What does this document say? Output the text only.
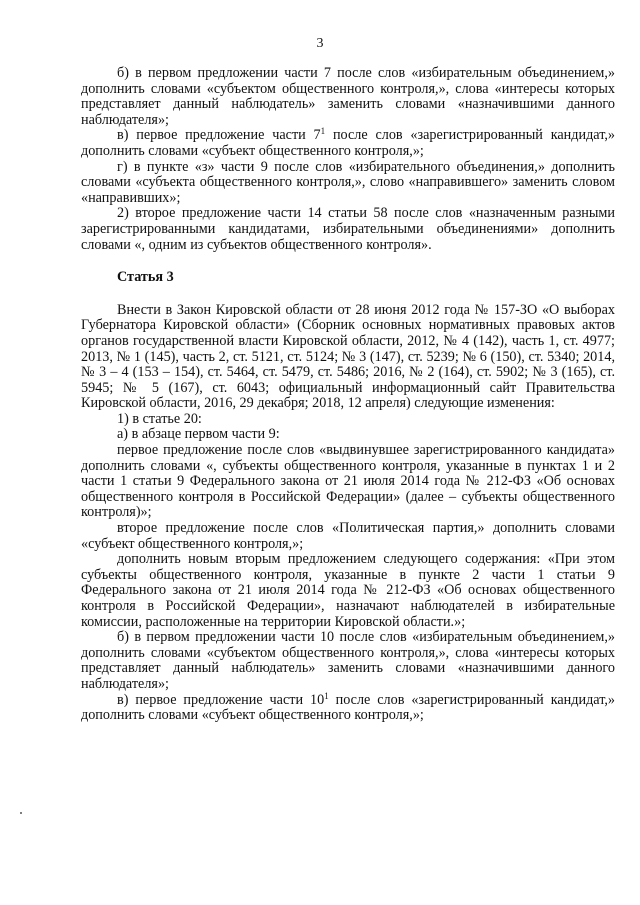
3

б) в первом предложении части 7 после слов «избирательным объединением,» дополнить словами «субъектом общественного контроля,», слова «интересы которых представляет данный наблюдатель» заменить словами «назначившими данного наблюдателя»;

в) первое предложение части $7^1$ после слов «зарегистрированный кандидат,» дополнить словами «субъект общественного контроля,»;

г) в пункте «з» части 9 после слов «избирательного объединения,» дополнить словами «субъекта общественного контроля,», слово «направившего» заменить словом «направивших»;

2) второе предложение части 14 статьи 58 после слов «назначенным разными зарегистрированными кандидатами, избирательными объединениями» дополнить словами «, одним из субъектов общественного контроля».

Статья 3

Внести в Закон Кировской области от 28 июня 2012 года № 157-ЗО «О выборах Губернатора Кировской области» (Сборник основных нормативных правовых актов органов государственной власти Кировской области, 2012, № 4 (142), часть 1, ст. 4977; 2013, № 1 (145), часть 2, ст. 5121, ст. 5124; № 3 (147), ст. 5239; № 6 (150), ст. 5340; 2014, № 3 – 4 (153 – 154), ст. 5464, ст. 5479, ст. 5486; 2016, № 2 (164), ст. 5902; № 3 (165), ст. 5945; № 5 (167), ст. 6043; официальный информационный сайт Правительства Кировской области, 2016, 29 декабря; 2018, 12 апреля) следующие изменения:

1) в статье 20:

а) в абзаце первом части 9:

первое предложение после слов «выдвинувшее зарегистрированного кандидата» дополнить словами «, субъекты общественного контроля, указанные в пунктах 1 и 2 части 1 статьи 9 Федерального закона от 21 июля 2014 года № 212-ФЗ «Об основах общественного контроля в Российской Федерации» (далее – субъекты общественного контроля)»;

второе предложение после слов «Политическая партия,» дополнить словами «субъект общественного контроля,»;

дополнить новым вторым предложением следующего содержания: «При этом субъекты общественного контроля, указанные в пункте 2 части 1 статьи 9 Федерального закона от 21 июля 2014 года № 212-ФЗ «Об основах общественного контроля в Российской Федерации», назначают наблюдателей в избирательные комиссии, расположенные на территории Кировской области.»;

б) в первом предложении части 10 после слов «избирательным объединением,» дополнить словами «субъектом общественного контроля,», слова «интересы которых представляет данный наблюдатель» заменить словами «назначившими данного наблюдателя»;

в) первое предложение части $10^1$ после слов «зарегистрированный кандидат,» дополнить словами «субъект общественного контроля,»;
